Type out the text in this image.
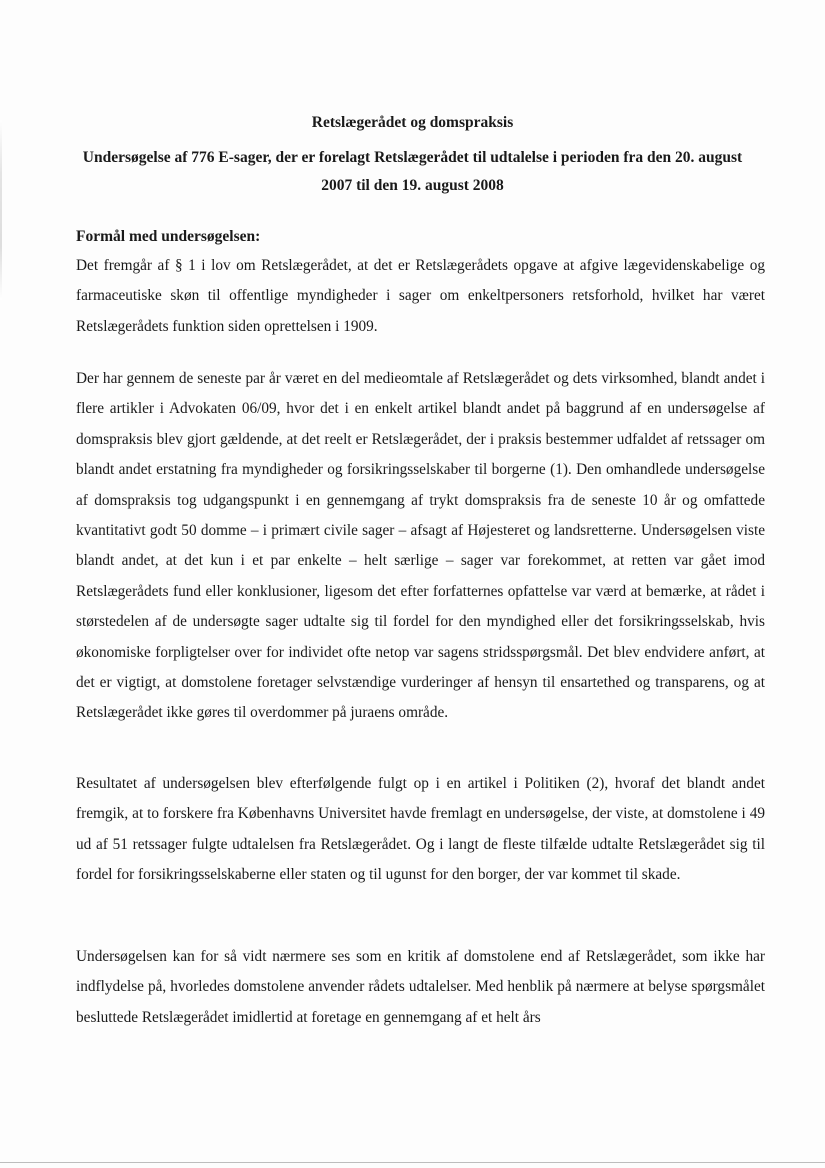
Retslægerådet og domspraksis
Undersøgelse af 776 E-sager, der er forelagt Retslægerådet til udtalelse i perioden fra den 20. august 2007 til den 19. august 2008
Formål med undersøgelsen:

Det fremgår af § 1 i lov om Retslægerådet, at det er Retslægerådets opgave at afgive lægevidenskabelige og farmaceutiske skøn til offentlige myndigheder i sager om enkeltpersoners retsforhold, hvilket har været Retslægerådets funktion siden oprettelsen i 1909.

Der har gennem de seneste par år været en del medieomtale af Retslægerådet og dets virksomhed, blandt andet i flere artikler i Advokaten 06/09, hvor det i en enkelt artikel blandt andet på baggrund af en undersøgelse af domspraksis blev gjort gældende, at det reelt er Retslægerådet, der i praksis bestemmer udfaldet af retssager om blandt andet erstatning fra myndigheder og forsikringsselskaber til borgerne (1). Den omhandlede undersøgelse af domspraksis tog udgangspunkt i en gennemgang af trykt domspraksis fra de seneste 10 år og omfattede kvantitativt godt 50 domme – i primært civile sager – afsagt af Højesteret og landsretterne. Undersøgelsen viste blandt andet, at det kun i et par enkelte – helt særlige – sager var forekommet, at retten var gået imod Retslægerådets fund eller konklusioner, ligesom det efter forfatternes opfattelse var værd at bemærke, at rådet i størstedelen af de undersøgte sager udtalte sig til fordel for den myndighed eller det forsikringsselskab, hvis økonomiske forpligtelser over for individet ofte netop var sagens stridsspørgsmål. Det blev endvidere anført, at det er vigtigt, at domstolene foretager selvstændige vurderinger af hensyn til ensartethed og transparens, og at Retslægerådet ikke gøres til overdommer på juraens område.

Resultatet af undersøgelsen blev efterfølgende fulgt op i en artikel i Politiken (2), hvoraf det blandt andet fremgik, at to forskere fra Københavns Universitet havde fremlagt en undersøgelse, der viste, at domstolene i 49 ud af 51 retssager fulgte udtalelsen fra Retslægerådet. Og i langt de fleste tilfælde udtalte Retslægerådet sig til fordel for forsikringsselskaberne eller staten og til ugunst for den borger, der var kommet til skade.

Undersøgelsen kan for så vidt nærmere ses som en kritik af domstolene end af Retslægerådet, som ikke har indflydelse på, hvorledes domstolene anvender rådets udtalelser. Med henblik på nærmere at belyse spørgsmålet besluttede Retslægerådet imidlertid at foretage en gennemgang af et helt års
